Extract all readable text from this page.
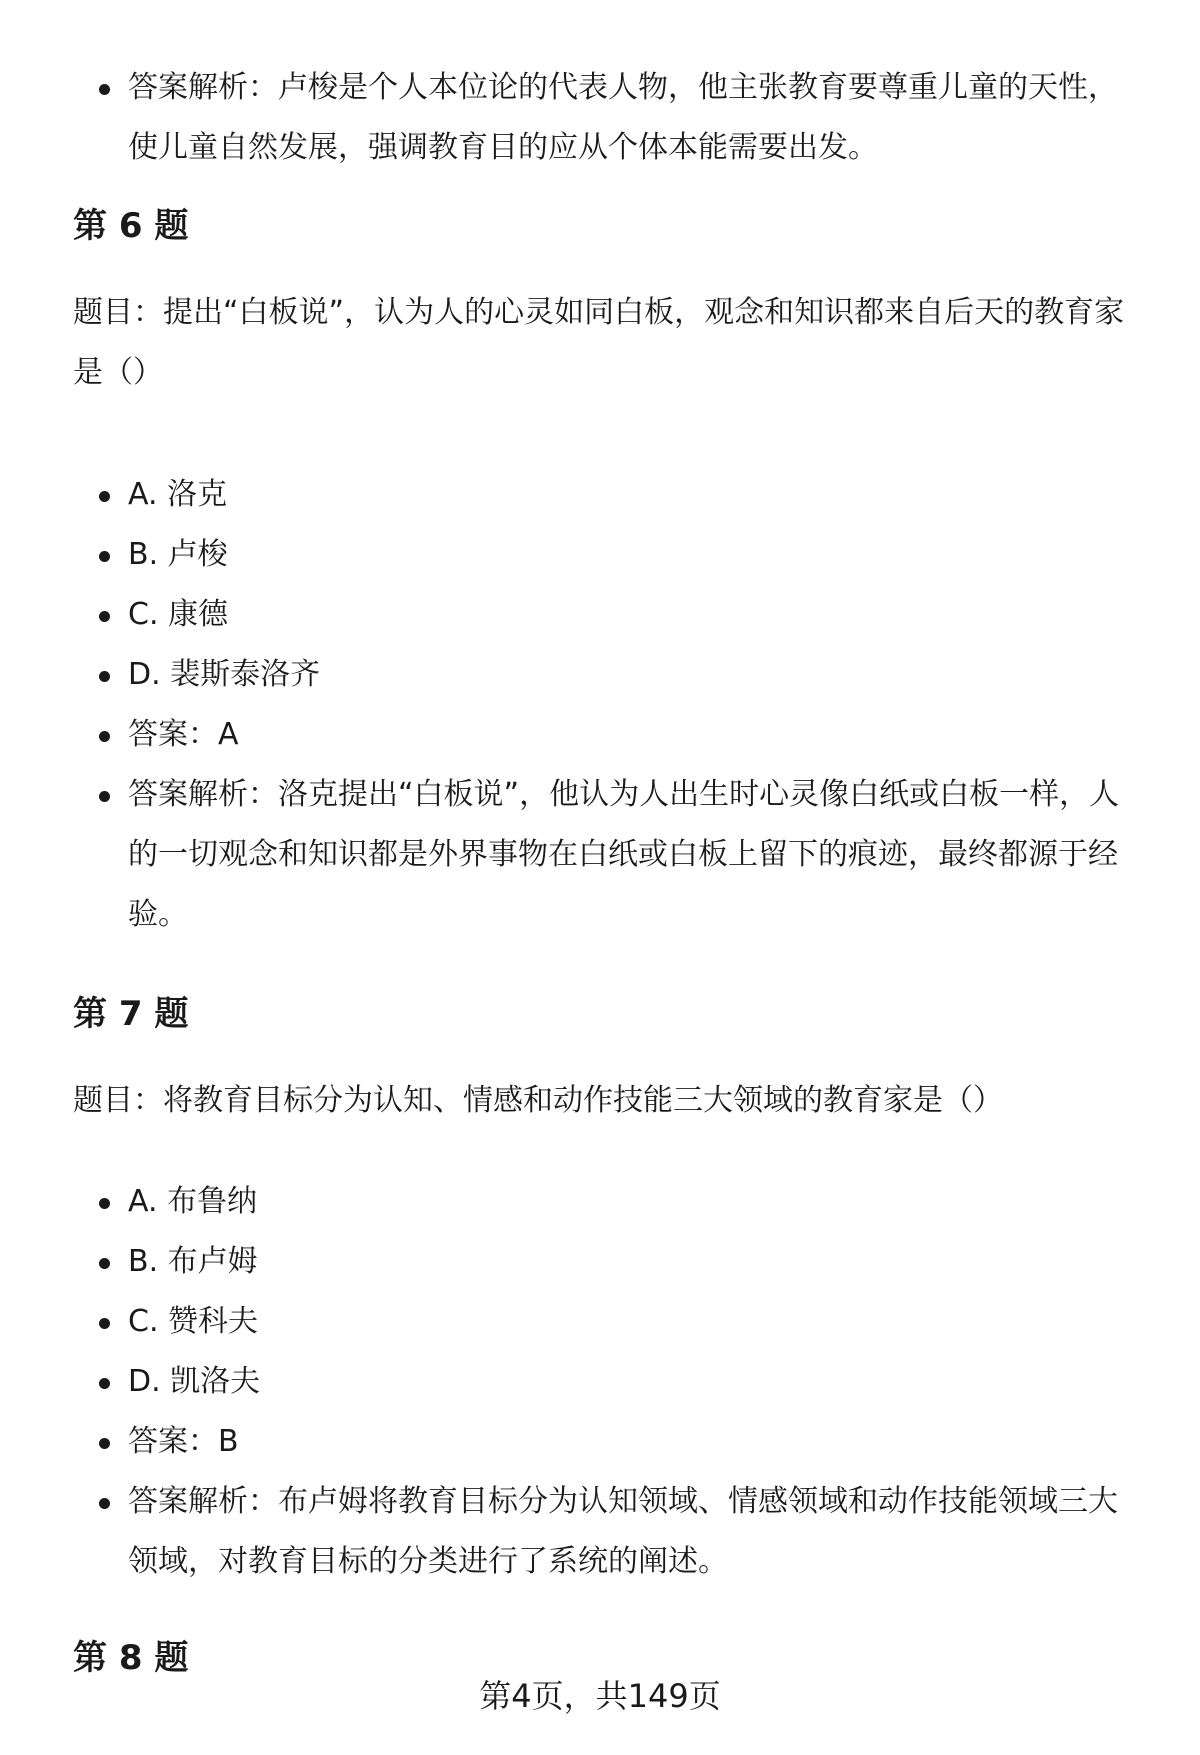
答案解析：卢梭是个人本位论的代表人物，他主张教育要尊重儿童的天性，使儿童自然发展，强调教育目的应从个体本能需要出发。
第 6 题

题目：提出“白板说”，认为人的心灵如同白板，观念和知识都来自后天的教育家是（）

A. 洛克
B. 卢梭
C. 康德
D. 裴斯泰洛齐
答案：A
答案解析：洛克提出“白板说”，他认为人出生时心灵像白纸或白板一样，人的一切观念和知识都是外界事物在白纸或白板上留下的痕迹，最终都源于经验。
第 7 题

题目：将教育目标分为认知、情感和动作技能三大领域的教育家是（）

A. 布鲁纳
B. 布卢姆
C. 赞科夫
D. 凯洛夫
答案：B
答案解析：布卢姆将教育目标分为认知领域、情感领域和动作技能领域三大领域，对教育目标的分类进行了系统的阐述。
第 8 题
第4页，共149页
